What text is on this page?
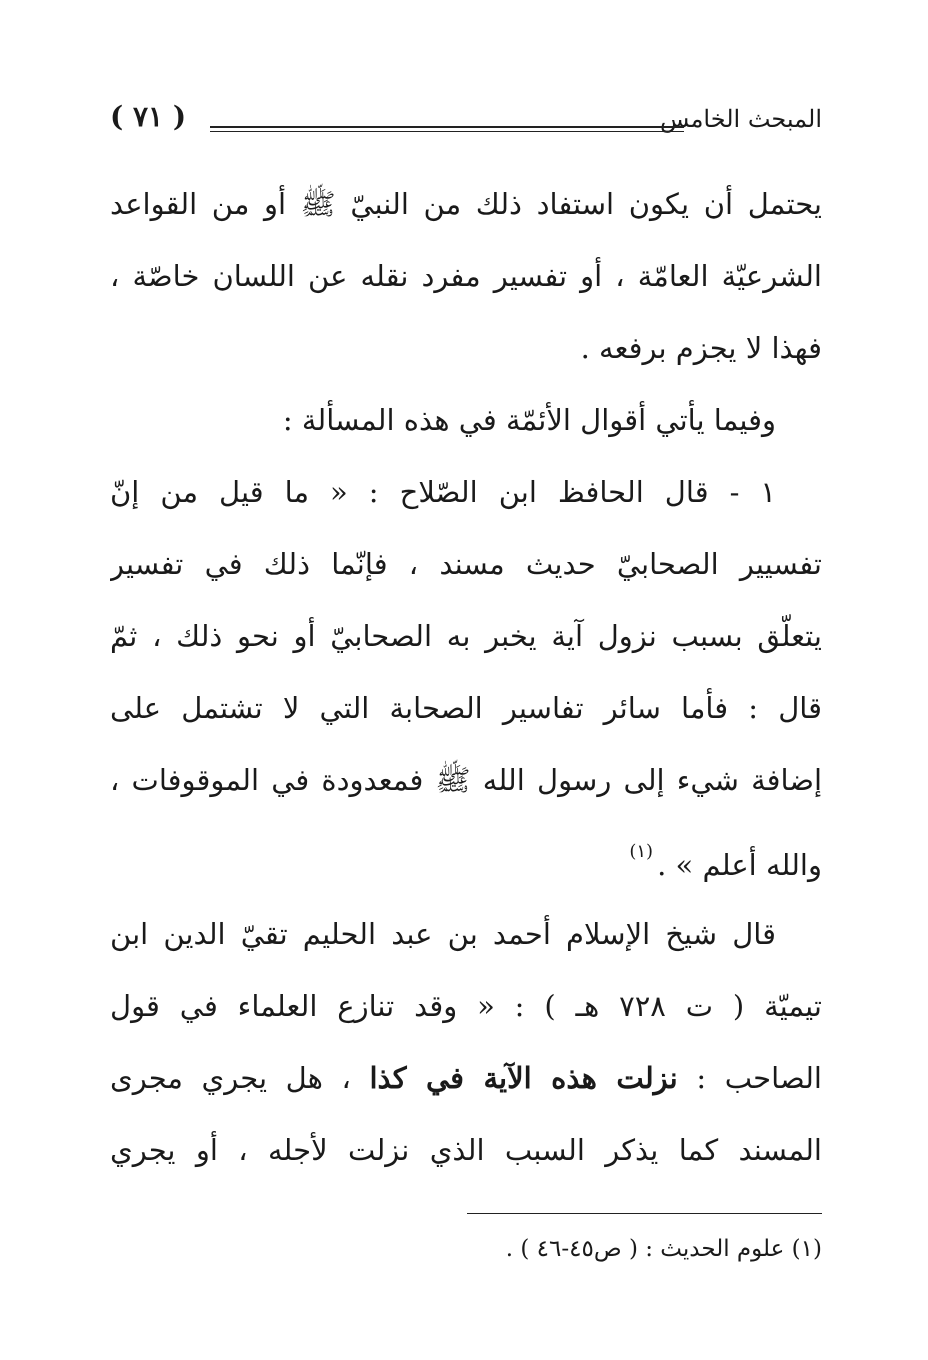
المبحث الخامس
( ٧١ )
يحتمل أن يكون استفاد ذلك من النبيّ ﷺ أو من القواعد
الشرعيّة العامّة ، أو تفسير مفرد نقله عن اللسان خاصّة ،
فهذا لا يجزم برفعه .
وفيما يأتي أقوال الأئمّة في هذه المسألة :
١ - قال الحافظ ابن الصّلاح : « ما قيل من إنّ
تفسيير الصحابيّ حديث مسند ، فإنّما ذلك في تفسير
يتعلّق بسبب نزول آية يخبر به الصحابيّ أو نحو ذلك ، ثمّ
قال : فأما سائر تفاسير الصحابة التي لا تشتمل على
إضافة شيء إلى رسول الله ﷺ فمعدودة في الموقوفات ،
والله أعلم » .$^{(١)}$
قال شيخ الإسلام أحمد بن عبد الحليم تقيّ الدين ابن
تيميّة ( ت ٧٢٨ هـ ) : « وقد تنازع العلماء في قول
الصاحب : نزلت هذه الآية في كذا ، هل يجري مجرى
المسند كما يذكر السبب الذي نزلت لأجله ، أو يجري
(١) علوم الحديث : ( ص٤٥-٤٦ ) .
